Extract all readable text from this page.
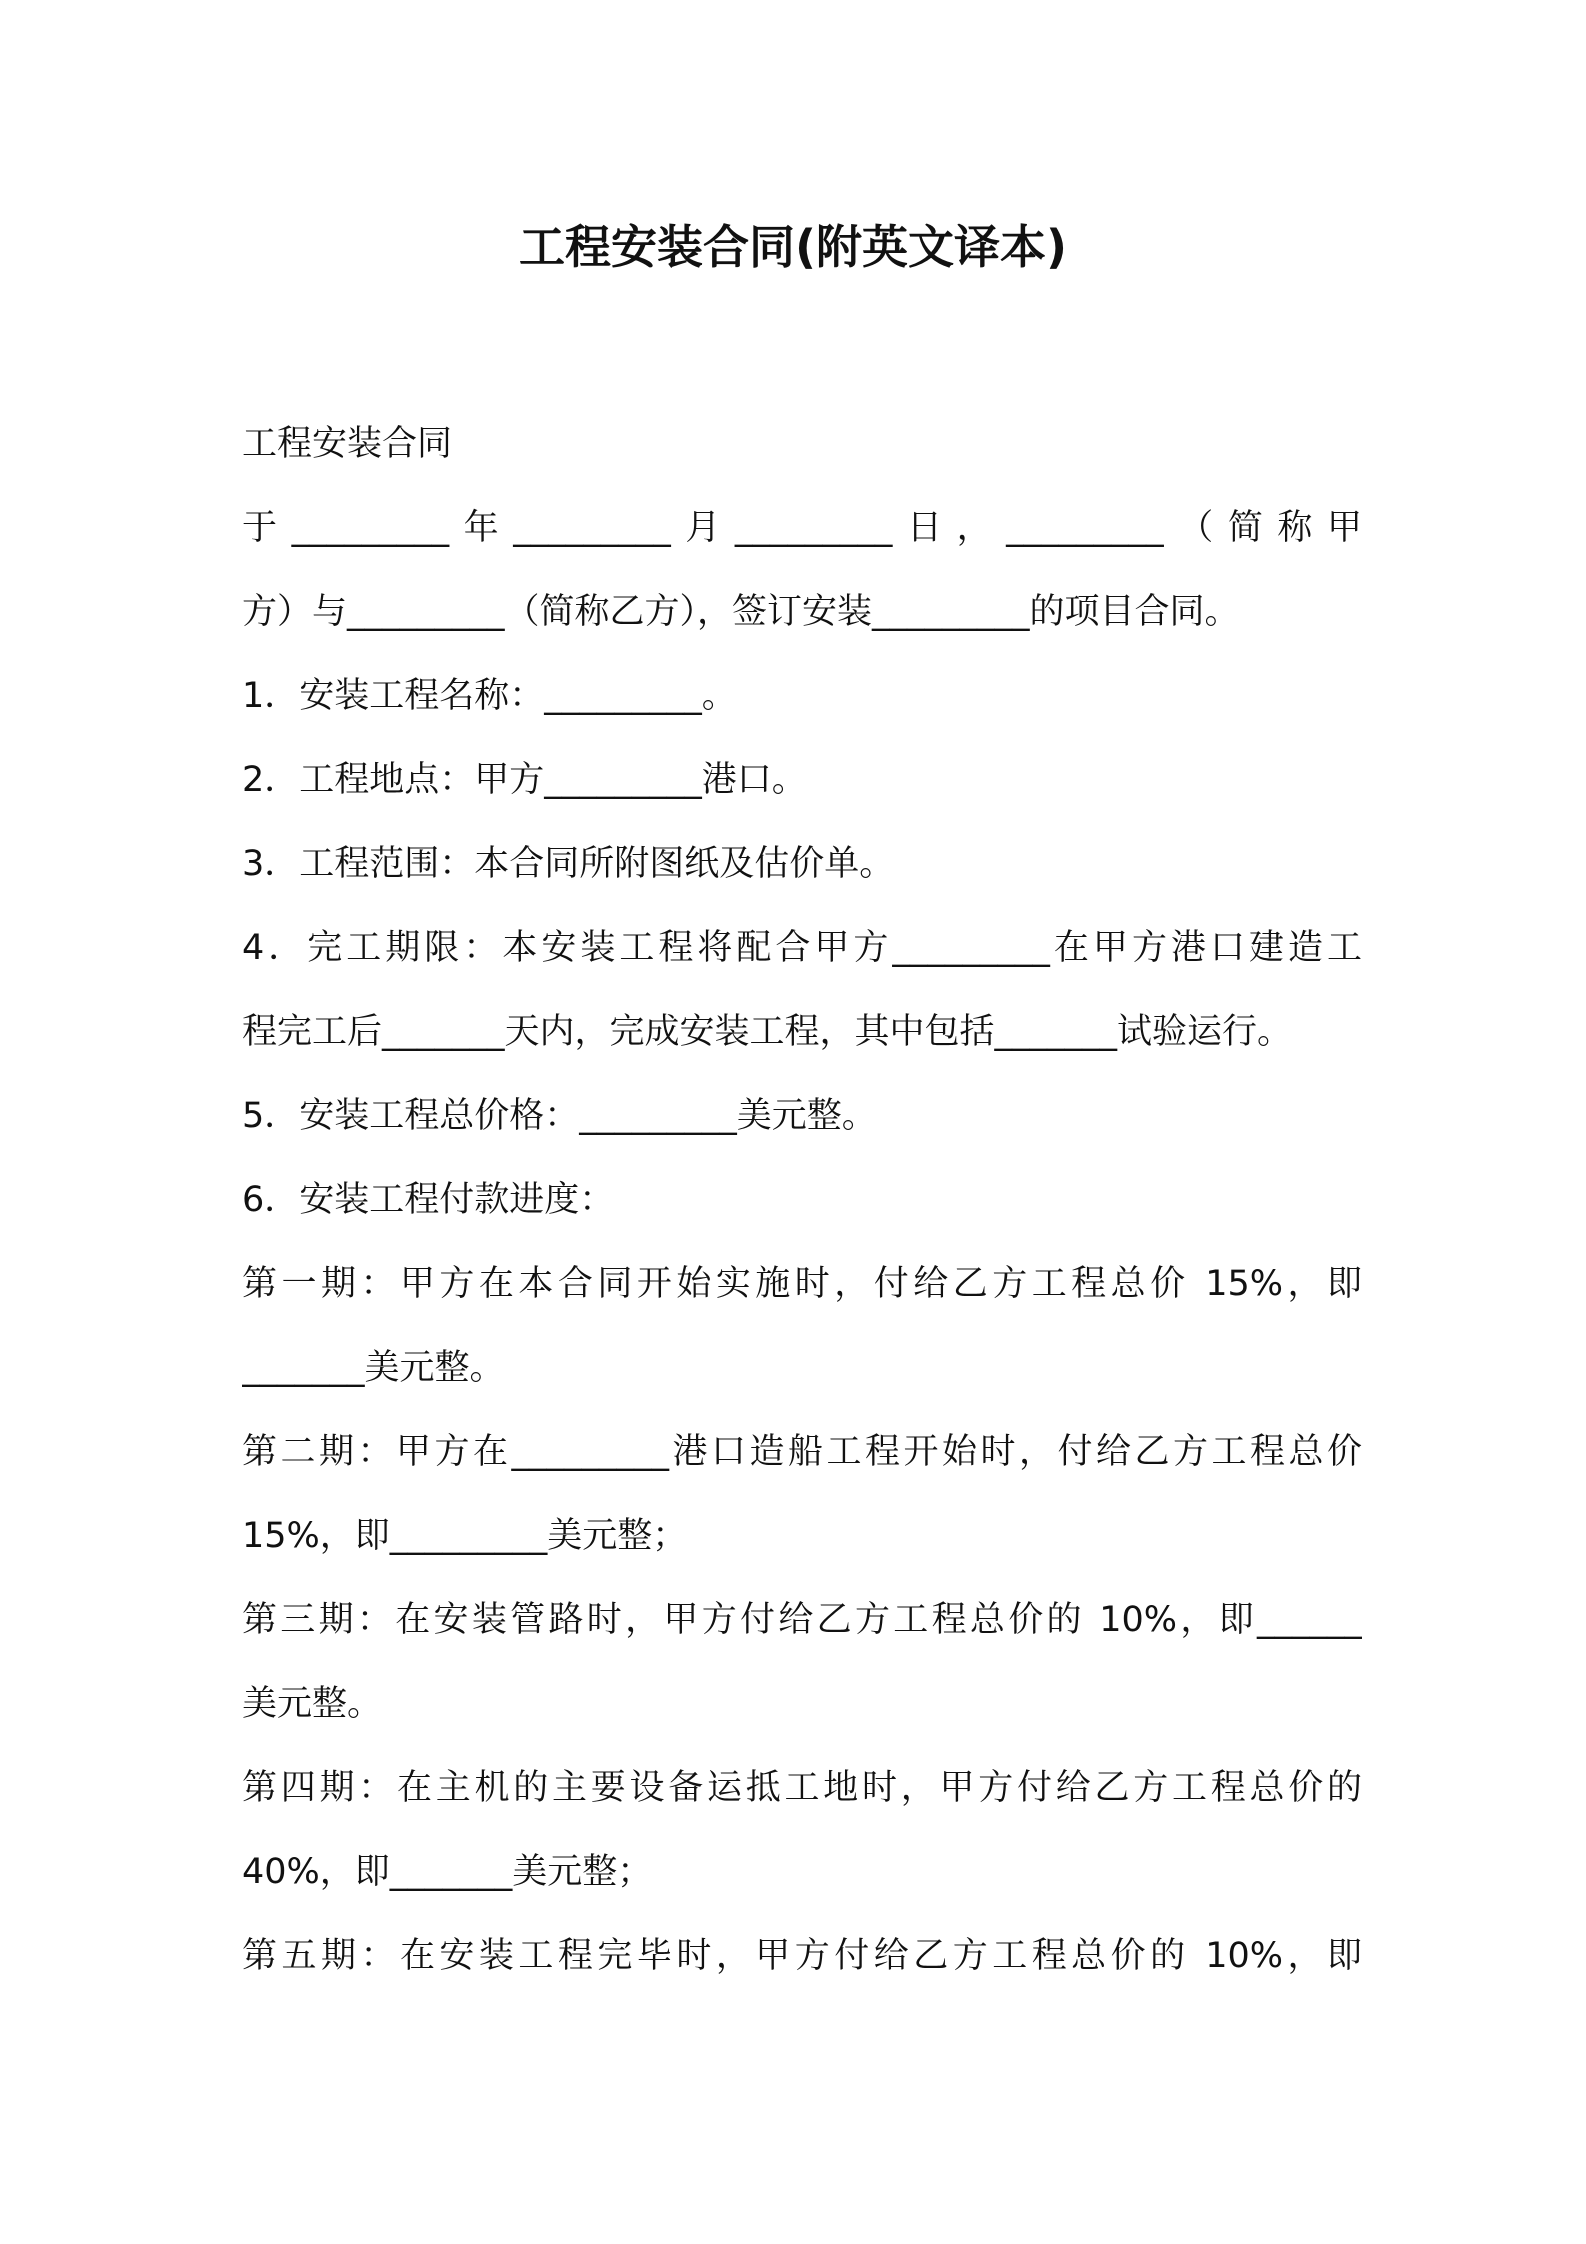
工程安装合同(附英文译本)
工程安装合同
于_________年_________月_________日，_________（简称甲
方）与_________（简称乙方），签订安装_________的项目合同。
1．安装工程名称：_________。
2．工程地点：甲方_________港口。
3．工程范围：本合同所附图纸及估价单。
4．完工期限：本安装工程将配合甲方_________在甲方港口建造工
程完工后_______天内，完成安装工程，其中包括_______试验运行。
5．安装工程总价格：_________美元整。
6．安装工程付款进度：
第一期：甲方在本合同开始实施时，付给乙方工程总价 15%，即
_______美元整。
第二期：甲方在_________港口造船工程开始时，付给乙方工程总价
15%，即_________美元整；
第三期：在安装管路时，甲方付给乙方工程总价的 10%，即______
美元整。
第四期：在主机的主要设备运抵工地时，甲方付给乙方工程总价的
40%，即_______美元整；
第五期：在安装工程完毕时，甲方付给乙方工程总价的 10%，即
